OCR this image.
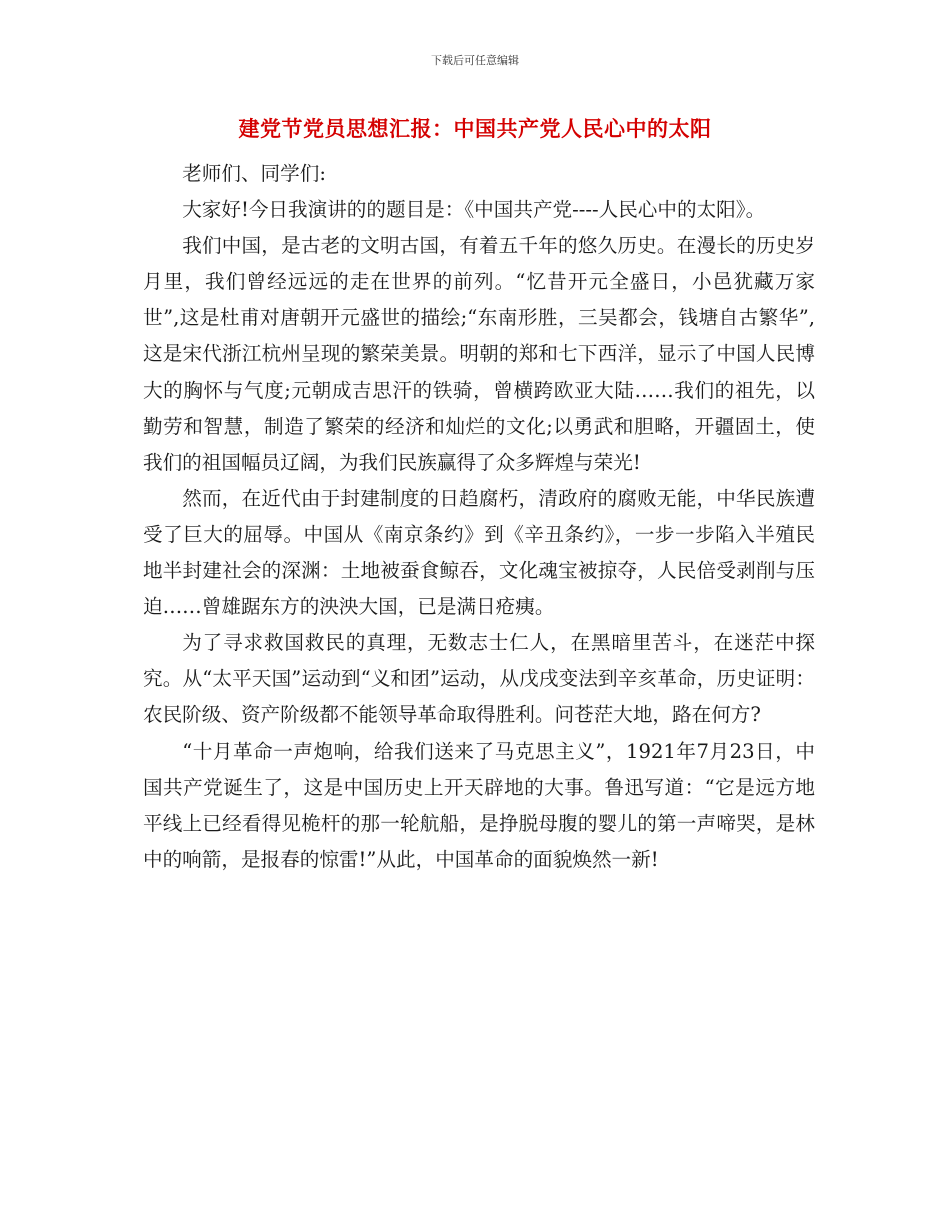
下载后可任意编辑
建党节党员思想汇报：中国共产党人民心中的太阳

老师们、同学们:

大家好!今日我演讲的的题目是：《中国共产党----人民心中的太阳》。

我们中国，是古老的文明古国，有着五千年的悠久历史。在漫长的历史岁月里，我们曾经远远的走在世界的前列。“忆昔开元全盛日，小邑犹藏万家世”,这是杜甫对唐朝开元盛世的描绘;“东南形胜，三吴都会，钱塘自古繁华”,这是宋代浙江杭州呈现的繁荣美景。明朝的郑和七下西洋，显示了中国人民博大的胸怀与气度;元朝成吉思汗的铁骑，曾横跨欧亚大陆……我们的祖先，以勤劳和智慧，制造了繁荣的经济和灿烂的文化;以勇武和胆略，开疆固土，使我们的祖国幅员辽阔，为我们民族赢得了众多辉煌与荣光!

然而，在近代由于封建制度的日趋腐朽，清政府的腐败无能，中华民族遭受了巨大的屈辱。中国从《南京条约》到《辛丑条约》，一步一步陷入半殖民地半封建社会的深渊：土地被蚕食鲸吞，文化魂宝被掠夺，人民倍受剥削与压迫……曾雄踞东方的泱泱大国，已是满日疮痍。

为了寻求救国救民的真理，无数志士仁人，在黑暗里苦斗，在迷茫中探究。从“太平天国”运动到“义和团”运动，从戊戌变法到辛亥革命，历史证明：农民阶级、资产阶级都不能领导革命取得胜利。问苍茫大地，路在何方?

“十月革命一声炮响，给我们送来了马克思主义”，1921年7月23日，中国共产党诞生了，这是中国历史上开天辟地的大事。鲁迅写道：“它是远方地平线上已经看得见桅杆的那一轮航船，是挣脱母腹的婴儿的第一声啼哭，是林中的响箭，是报春的惊雷!”从此，中国革命的面貌焕然一新!
